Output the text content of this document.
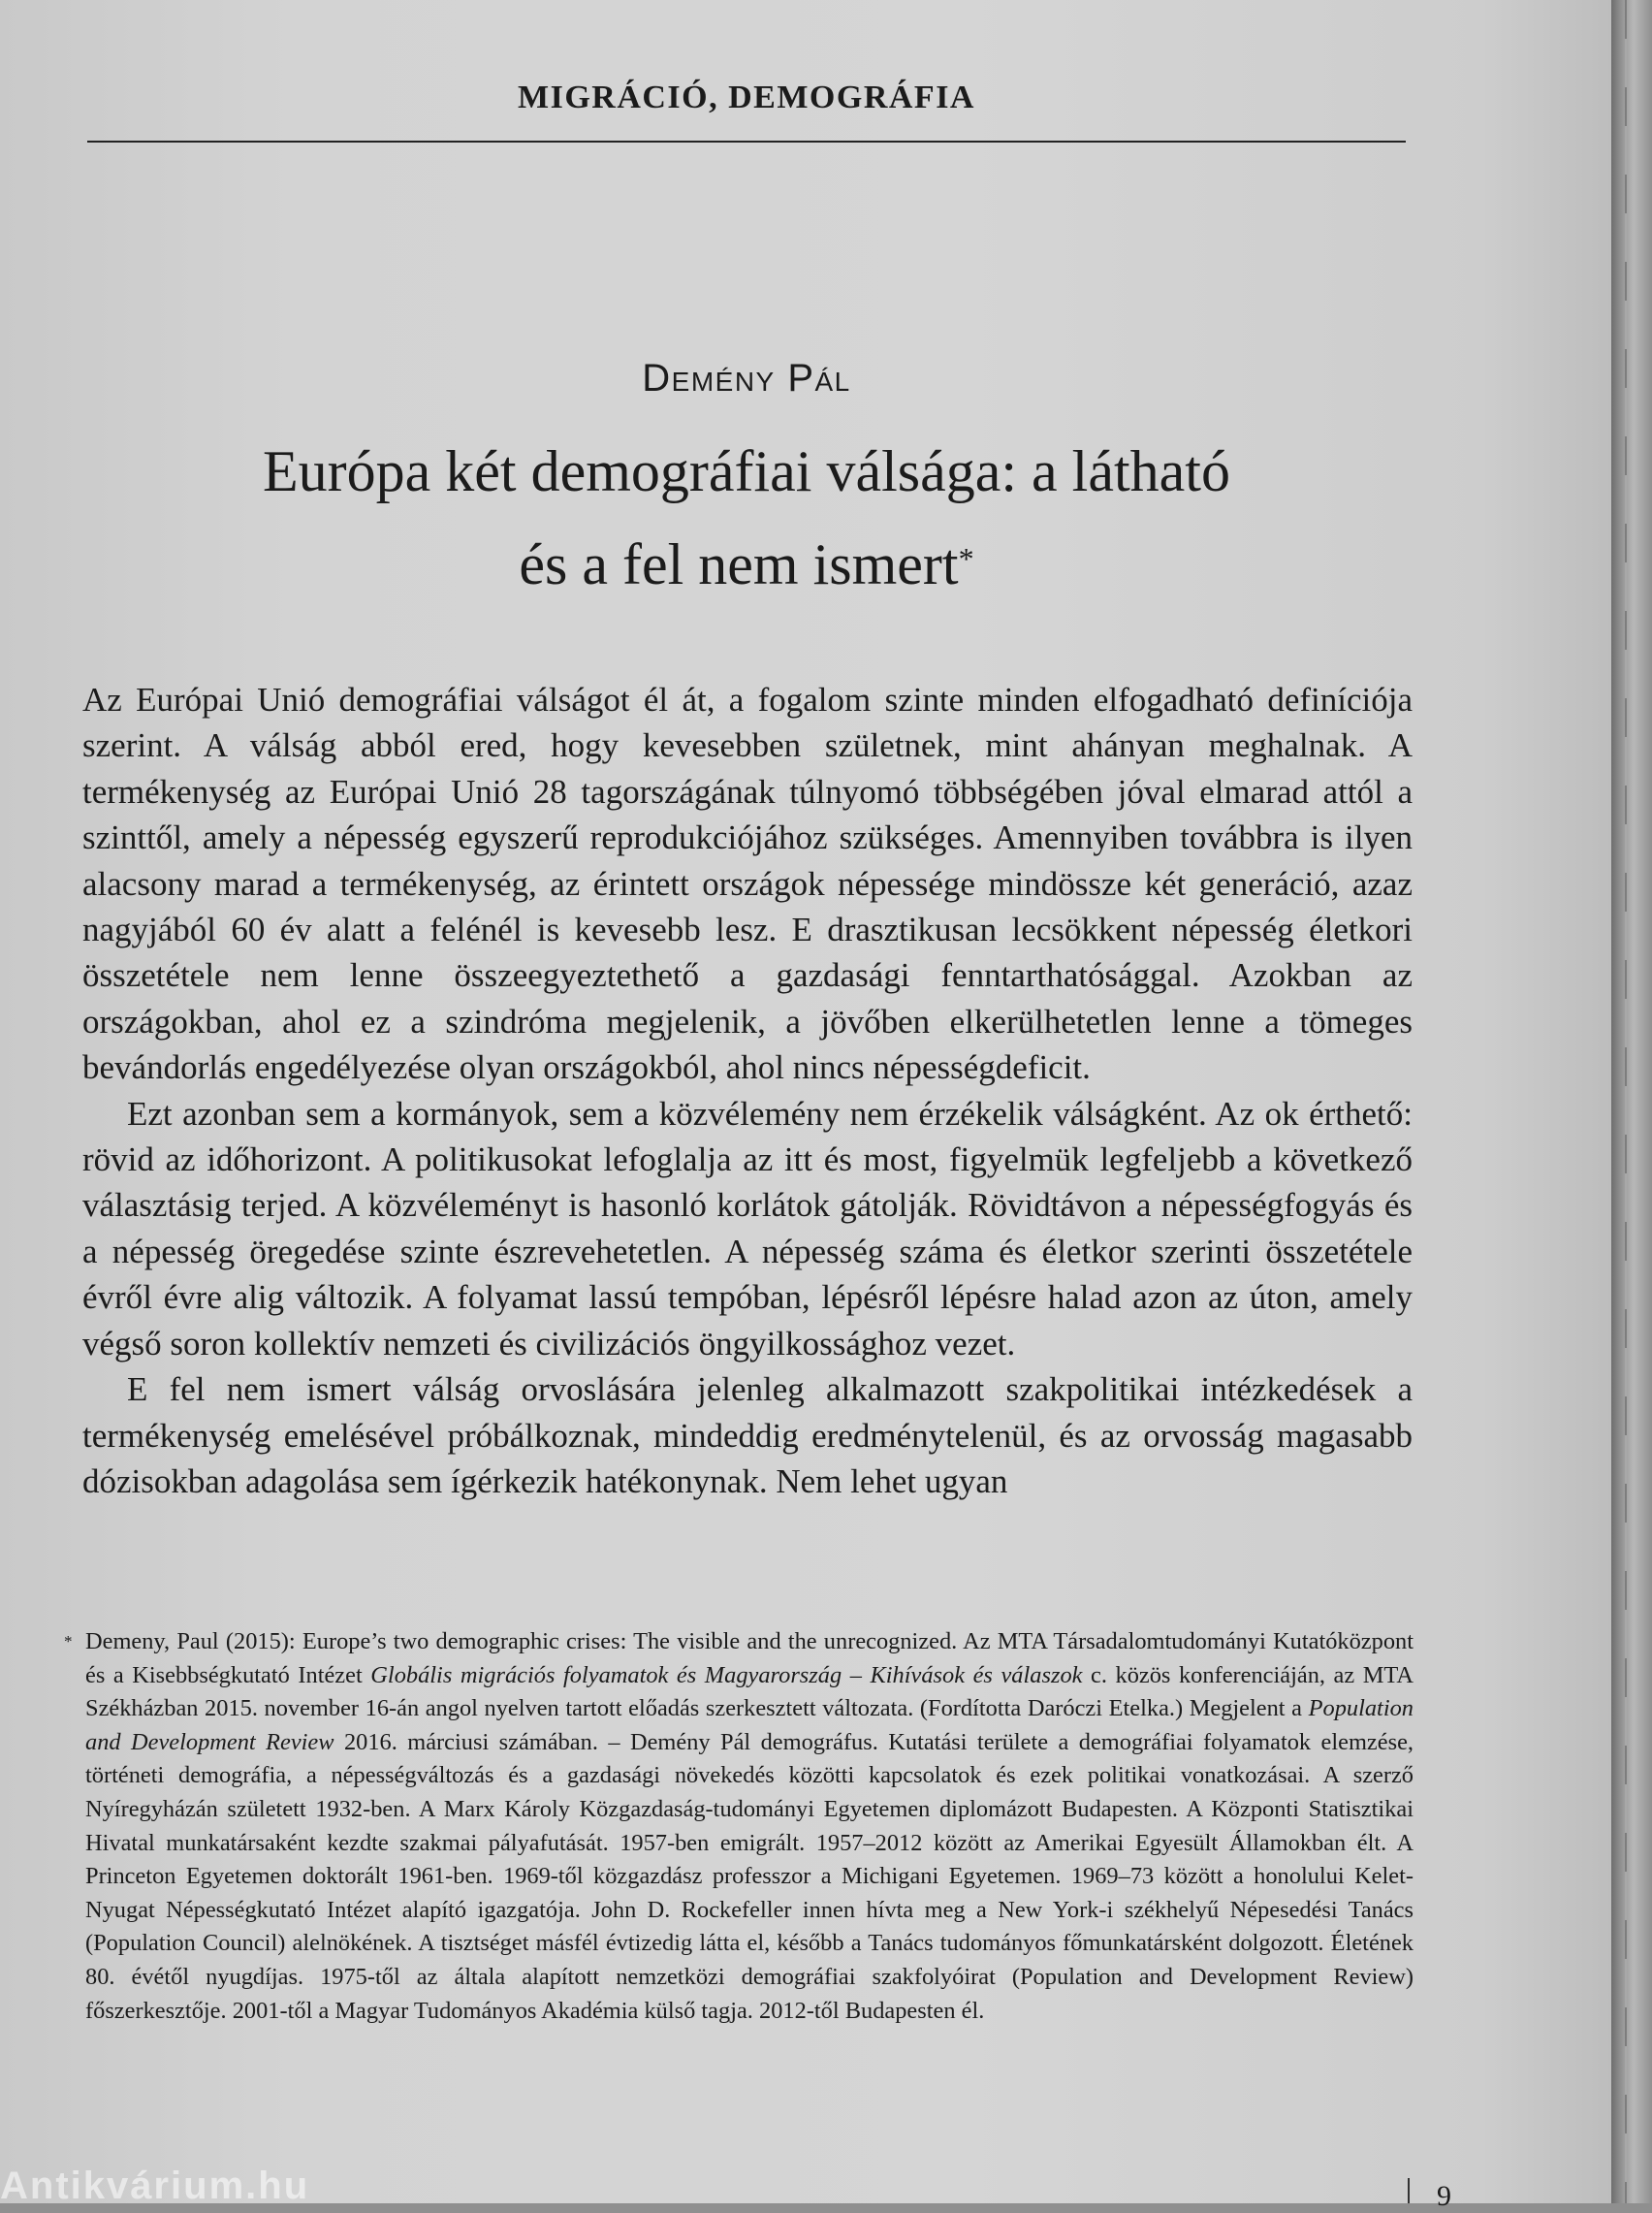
MIGRÁCIÓ, DEMOGRÁFIA
Demény Pál
Európa két demográfiai válsága: a látható
és a fel nem ismert*

Az Európai Unió demográfiai válságot él át, a fogalom szinte minden elfogadható definíciója szerint. A válság abból ered, hogy kevesebben születnek, mint ahányan meghalnak. A termékenység az Európai Unió 28 tagországának túlnyomó többségében jóval elmarad attól a szinttől, amely a népesség egyszerű reprodukciójához szükséges. Amennyiben továbbra is ilyen alacsony marad a termékenység, az érintett országok népessége mindössze két generáció, azaz nagyjából 60 év alatt a felénél is kevesebb lesz. E drasztikusan lecsökkent népesség életkori összetétele nem lenne összeegyeztethető a gazdasági fenntarthatósággal. Azokban az országokban, ahol ez a szindróma megjelenik, a jövőben elkerülhetetlen lenne a tömeges bevándorlás engedélyezése olyan országokból, ahol nincs népességdeficit.

Ezt azonban sem a kormányok, sem a közvélemény nem érzékelik válságként. Az ok érthető: rövid az időhorizont. A politikusokat lefoglalja az itt és most, figyelmük legfeljebb a következő választásig terjed. A közvéleményt is hasonló korlátok gátolják. Rövidtávon a népességfogyás és a népesség öregedése szinte észrevehetetlen. A népesség száma és életkor szerinti összetétele évről évre alig változik. A folyamat lassú tempóban, lépésről lépésre halad azon az úton, amely végső soron kollektív nemzeti és civilizációs öngyilkossághoz vezet.

E fel nem ismert válság orvoslására jelenleg alkalmazott szakpolitikai intézkedések a termékenység emelésével próbálkoznak, mindeddig eredménytelenül, és az orvosság magasabb dózisokban adagolása sem ígérkezik hatékonynak. Nem lehet ugyan

* Demeny, Paul (2015): Europe’s two demographic crises: The visible and the unrecognized. Az MTA Társadalomtudományi Kutatóközpont és a Kisebbségkutató Intézet Globális migrációs folyamatok és Magyarország – Kihívások és válaszok c. közös konferenciáján, az MTA Székházban 2015. november 16-án angol nyelven tartott előadás szerkesztett változata. (Fordította Daróczi Etelka.) Megjelent a Population and Development Review 2016. márciusi számában. – Demény Pál demográfus. Kutatási területe a demográfiai folyamatok elemzése, történeti demográfia, a népességváltozás és a gazdasági növekedés közötti kapcsolatok és ezek politikai vonatkozásai. A szerző Nyíregyházán született 1932-ben. A Marx Károly Közgazdaság-tudományi Egyetemen diplomázott Budapesten. A Központi Statisztikai Hivatal munkatársaként kezdte szakmai pályafutását. 1957-ben emigrált. 1957–2012 között az Amerikai Egyesült Államokban élt. A Princeton Egyetemen doktorált 1961-ben. 1969-től közgazdász professzor a Michigani Egyetemen. 1969–73 között a honolului Kelet-Nyugat Népességkutató Intézet alapító igazgatója. John D. Rockefeller innen hívta meg a New York-i székhelyű Népesedési Tanács (Population Council) alelnökének. A tisztséget másfél évtizedig látta el, később a Tanács tudományos főmunkatársként dolgozott. Életének 80. évétől nyugdíjas. 1975-től az általa alapított nemzetközi demográfiai szakfolyóirat (Population and Development Review) főszerkesztője. 2001-től a Magyar Tudományos Akadémia külső tagja. 2012-től Budapesten él.
9
Antikvárium.hu
